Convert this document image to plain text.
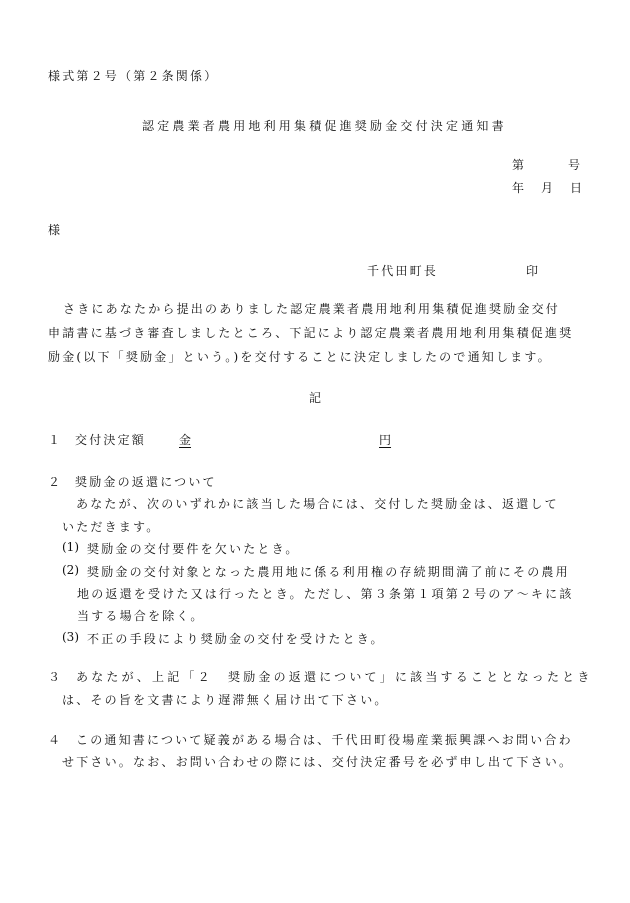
様式第２号（第２条関係）
認定農業者農用地利用集積促進奨励金交付決定通知書
第	号
年 月 日
様
千代田町長	印
さきにあなたから提出のありました認定農業者農用地利用集積促進奨励金交付
申請書に基づき審査しましたところ、下記により認定農業者農用地利用集積促進奨
励金(以下「奨励金」という。)を交付することに決定しましたので通知します。
記
１ 交付決定額	金	円
２ 奨励金の返還について
あなたが、次のいずれかに該当した場合には、交付した奨励金は、返還して
いただきます。
(1) 奨励金の交付要件を欠いたとき。
(2) 奨励金の交付対象となった農用地に係る利用権の存続期間満了前にその農用
地の返還を受けた又は行ったとき。ただし、第３条第１項第２号のア～キに該
当する場合を除く。
(3) 不正の手段により奨励金の交付を受けたとき。
３ あなたが、上記「２　奨励金の返還について」に該当することとなったとき
は、その旨を文書により遅滞無く届け出て下さい。
４ この通知書について疑義がある場合は、千代田町役場産業振興課へお問い合わ
せ下さい。なお、お問い合わせの際には、交付決定番号を必ず申し出て下さい。
